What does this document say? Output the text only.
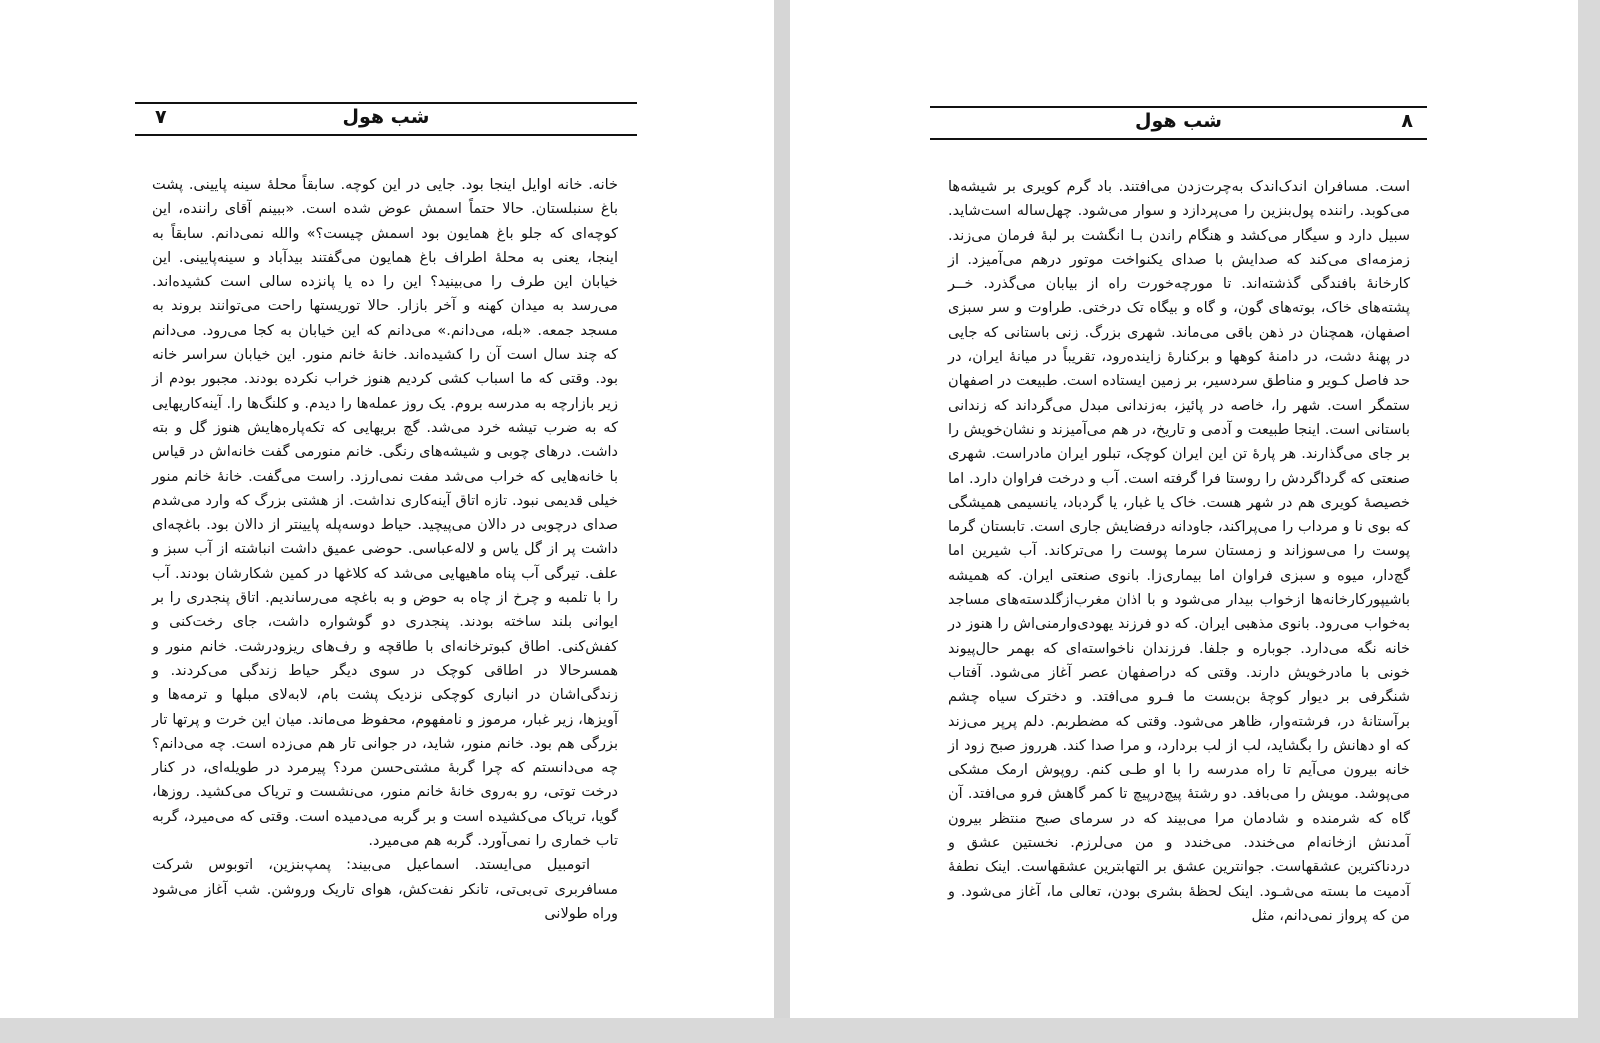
شب هول
۷

خانه. خانه اوایل اینجا بود. جایی در این کوچه. سابقاً محلهٔ سینه پایینی. پشت باغ سنبلستان. حالا حتماً اسمش عوض شده است. «ببینم آقای راننده، این کوچه‌ای که جلو باغ همایون بود اسمش چیست؟» والله نمی‌دانم. سابقاً به اینجا، یعنی به محلهٔ اطراف باغ همایون می‌گفتند بیدآباد و سینه‌پایینی. این خیابان این طرف را می‌بینید؟ این را ده یا پانزده سالی است کشیده‌اند. می‌رسد به میدان کهنه و آخر بازار. حالا توریستها راحت می‌توانند بروند به مسجد جمعه. «بله، می‌دانم.» می‌دانم که این خیابان به کجا می‌رود. می‌دانم که چند سال است آن را کشیده‌اند. خانهٔ خانم منور. این خیابان سراسر خانه بود. وقتی که ما اسباب کشی کردیم هنوز خراب نکرده بودند. مجبور بودم از زیر بازارچه به مدرسه بروم. یک روز عمله‌ها را دیدم. و کلنگ‌ها را. آینه‌کاریهایی که به ضرب تیشه خرد می‌شد. گچ بریهایی که تکه‌پاره‌هایش هنوز گل و بته داشت. درهای چوبی و شیشه‌های رنگی. خانم منورمی گفت خانه‌اش در قیاس با خانه‌هایی که خراب می‌شد مفت نمی‌ارزد. راست می‌گفت. خانهٔ خانم منور خیلی قدیمی نبود. تازه اتاق آینه‌کاری نداشت. از هشتی بزرگ که وارد می‌شدم صدای درچوبی در دالان می‌پیچید. حیاط دوسه‌پله پایینتر از دالان بود. باغچه‌ای داشت پر از گل یاس و لاله‌عباسی. حوضی عمیق داشت انباشته از آب سبز و علف. تیرگی آب پناه ماهیهایی می‌شد که کلاغها در کمین شکارشان بودند. آب را با تلمبه و چرخ از چاه به حوض و به باغچه می‌رساندیم. اتاق پنجدری را بر ایوانی بلند ساخته بودند. پنجدری دو گوشواره داشت، جای رخت‌کنی و کفش‌کنی. اطاق کبوترخانه‌ای با طاقچه و رف‌های ریزودرشت. خانم منور و همسرحالا در اطاقی کوچک در سوی دیگر حیاط زندگی می‌کردند. و زندگی‌اشان در انباری کوچکی نزدیک پشت بام، لابه‌لای مبلها و ترمه‌ها و آویزها، زیر غبار، مرموز و نامفهوم، محفوظ می‌ماند. میان این خرت و پرتها تار بزرگی هم بود. خانم منور، شاید، در جوانی تار هم می‌زده است. چه می‌دانم؟ چه می‌دانستم که چرا گربهٔ مشتی‌حسن مرد؟ پیرمرد در طویله‌ای، در کنار درخت توتی، رو به‌روی خانهٔ خانم منور، می‌نشست و تریاک می‌کشید. روزها، گویا، تریاک می‌کشیده است و بر گربه می‌دمیده است. وقتی که می‌میرد، گربه تاب خماری را نمی‌آورد. گربه هم می‌میرد.

اتومبیل می‌ایستد. اسماعیل می‌بیند: پمپ‌بنزین، اتوبوس شرکت مسافربری تی‌بی‌تی، تانکر نفت‌کش، هوای تاریک وروشن. شب آغاز می‌شود وراه طولانی

شب هول	۸

است. مسافران اندک‌اندک به‌چرت‌زدن می‌افتند. باد گرم کویری بر شیشه‌ها می‌کوبد. راننده پول‌بنزین را می‌پردازد و سوار می‌شود. چهل‌ساله است‌شاید. سبیل دارد و سیگار می‌کشد و هنگام راندن بـا انگشت بر لبهٔ فرمان می‌زند. زمزمه‌ای می‌کند که صدایش با صدای یکنواخت موتور درهم می‌آمیزد. از کارخانهٔ بافندگی گذشته‌اند. تا مورچه‌خورت راه از بیابان می‌گذرد. خــر پشته‌های خاک، بوته‌های گون، و گاه و بیگاه تک درختی. طراوت و سر سبزی اصفهان، همچنان در ذهن باقی می‌ماند. شهری بزرگ. زنی باستانی که جایی در پهنهٔ دشت، در دامنهٔ کوهها و برکنارهٔ زاینده‌رود، تقریباً در میانهٔ ایران، در حد فاصل کـویر و مناطق سردسیر، بر زمین ایستاده است. طبیعت در اصفهان ستمگر است. شهر را، خاصه در پائیز، به‌زندانی مبدل می‌گرداند که زندانی باستانی است. اینجا طبیعت و آدمی و تاریخ، در هم می‌آمیزند و نشان‌خویش را بر جای می‌گذارند. هر پارهٔ تن این ایران کوچک، تبلور ایران مادراست. شهری صنعتی که گرداگردش را روستا فرا گرفته است. آب و درخت فراوان دارد. اما خصیصهٔ کویری هم در شهر هست. خاک یا غبار، یا گردباد، یانسیمی همیشگی که بوی نا و مرداب را می‌پراکند، جاودانه درفضایش جاری است. تابستان گرما پوست را می‌سوزاند و زمستان سرما پوست را می‌ترکاند. آب شیرین اما گچ‌دار، میوه و سبزی فراوان اما بیماری‌زا. بانوی صنعتی ایران. که همیشه باشیپورکارخانه‌ها ازخواب بیدار می‌شود و با اذان مغرب‌ازگلدسته‌های مساجد به‌خواب می‌رود. بانوی مذهبی ایران. که دو فرزند یهودی‌وارمنی‌اش را هنوز در خانه نگه می‌دارد. جوباره و جلفا. فرزندان ناخواسته‌ای که بهمر حال‌پیوند خونی با مادرخویش دارند. وقتی که دراصفهان عصر آغاز می‌شود. آفتاب شنگرفی بر دیوار کوچهٔ بن‌بست ما فـرو می‌افتد. و دخترک سیاه چشم برآستانهٔ در، فرشته‌وار، ظاهر می‌شود. وقتی که مضطربم. دلم پرپر می‌زند که او دهانش را بگشاید، لب از لب بردارد، و مرا صدا کند. هرروز صبح زود از خانه بیرون می‌آیم تا راه مدرسه را با او طـی کنم. روپوش ارمک مشکی می‌پوشد. مویش را می‌بافد. دو رشتهٔ پیچ‌درپیچ تا کمر گاهش فرو می‌افتد. آن گاه که شرمنده و شادمان مرا می‌بیند که در سرمای صبح منتظر بیرون آمدنش ازخانه‌ام می‌خندد. می‌خندد و من می‌لرزم. نخستین عشق و دردناکترین عشقهاست. جوانترین عشق بر التهابترین عشقهاست. اینک نطفهٔ آدمیت ما بسته می‌شـود. اینک لحظهٔ بشری بودن، تعالی ما، آغاز می‌شود. و من که پرواز نمی‌دانم، مثل
